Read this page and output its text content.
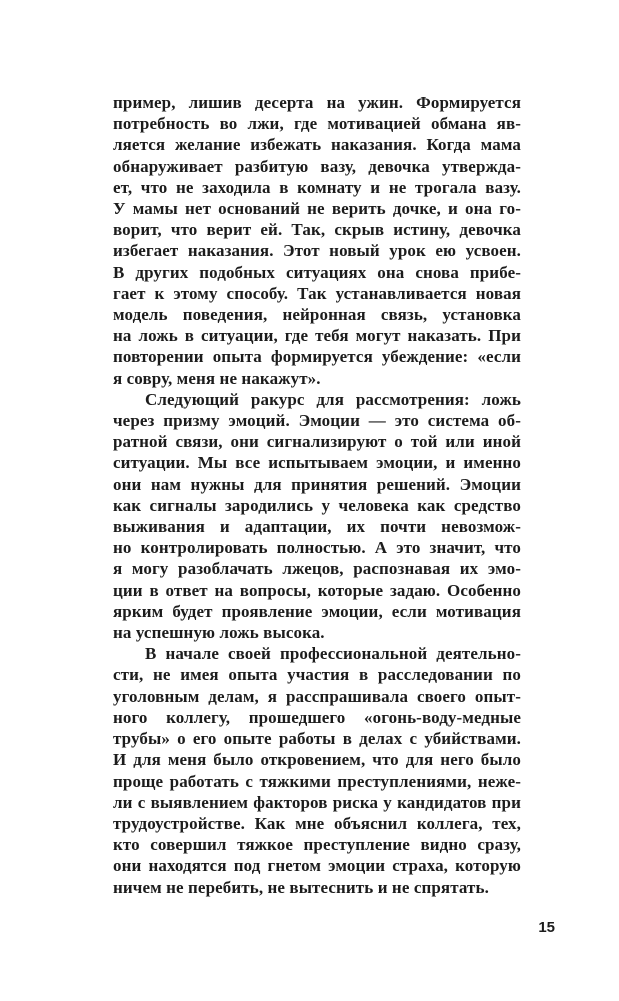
пример, лишив десерта на ужин. Формируется
потребность во лжи, где мотивацией обмана яв-
ляется желание избежать наказания. Когда мама
обнаруживает разбитую вазу, девочка утвержда-
ет, что не заходила в комнату и не трогала вазу.
У мамы нет оснований не верить дочке, и она го-
ворит, что верит ей. Так, скрыв истину, девочка
избегает наказания. Этот новый урок ею усвоен.
В других подобных ситуациях она снова прибе-
гает к этому способу. Так устанавливается новая
модель поведения, нейронная связь, установка
на ложь в ситуации, где тебя могут наказать. При
повторении опыта формируется убеждение: «если
я совру, меня не накажут».
Следующий ракурс для рассмотрения: ложь
через призму эмоций. Эмоции — это система об-
ратной связи, они сигнализируют о той или иной
ситуации. Мы все испытываем эмоции, и именно
они нам нужны для принятия решений. Эмоции
как сигналы зародились у человека как средство
выживания и адаптации, их почти невозмож-
но контролировать полностью. А это значит, что
я могу разоблачать лжецов, распознавая их эмо-
ции в ответ на вопросы, которые задаю. Особенно
ярким будет проявление эмоции, если мотивация
на успешную ложь высока.
В начале своей профессиональной деятельно-
сти, не имея опыта участия в расследовании по
уголовным делам, я расспрашивала своего опыт-
ного коллегу, прошедшего «огонь-воду-медные
трубы» о его опыте работы в делах с убийствами.
И для меня было откровением, что для него было
проще работать с тяжкими преступлениями, неже-
ли с выявлением факторов риска у кандидатов при
трудоустройстве. Как мне объяснил коллега, тех,
кто совершил тяжкое преступление видно сразу,
они находятся под гнетом эмоции страха, которую
ничем не перебить, не вытеснить и не спрятать.
15
